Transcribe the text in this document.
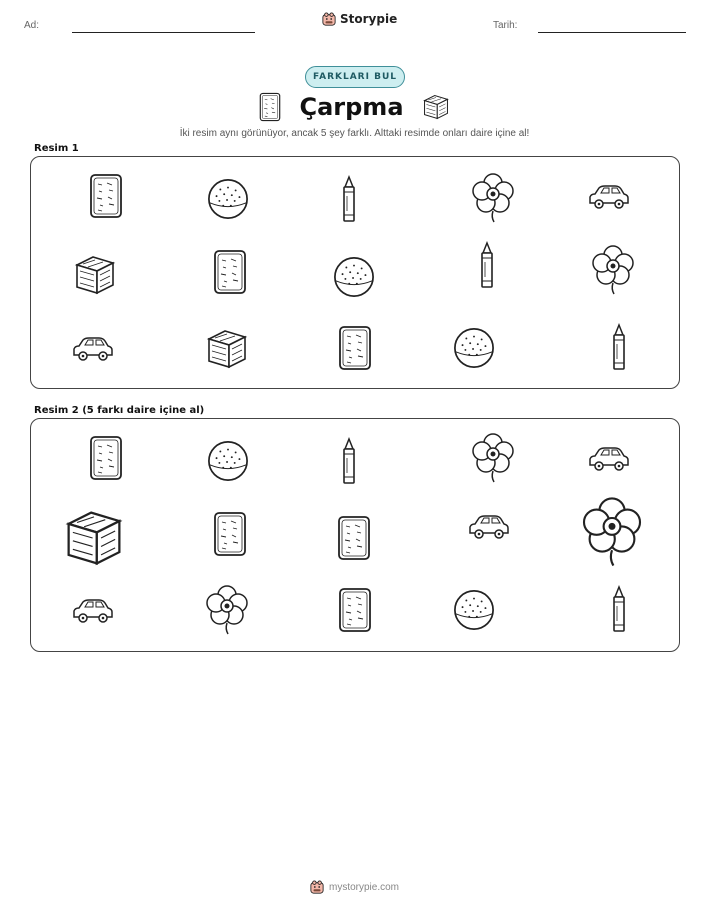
Ad:	Storypie	Tarih:
FARKLARI BUL
Çarpma
İki resim aynı görünüyor, ancak 5 şey farklı. Alttaki resimde onları daire içine al!
Resim 1
Resim 2 (5 farkı daire içine al)
mystorypie.com
